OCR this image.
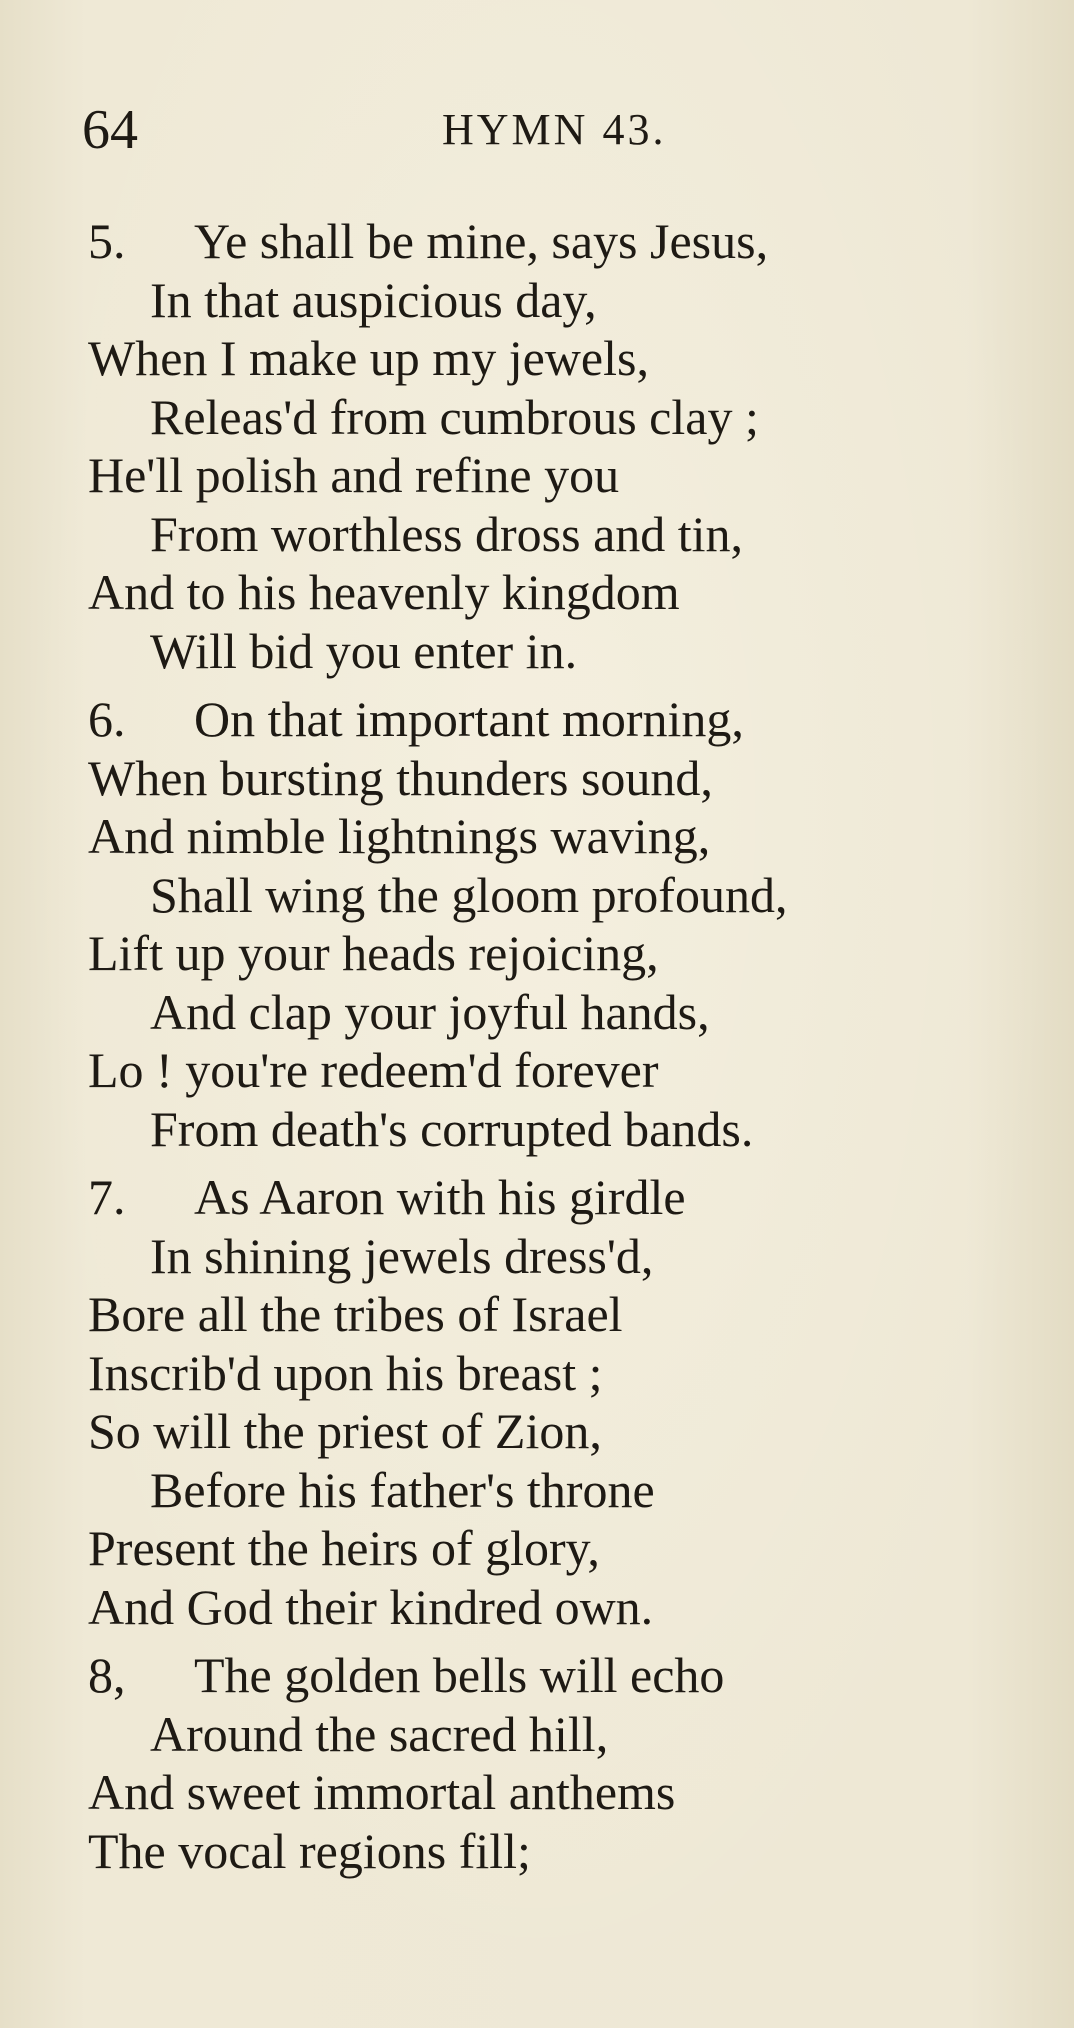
64	HYMN 43.
5. Ye shall be mine, says Jesus,
In that auspicious day,
When I make up my jewels,
Releas'd from cumbrous clay ;
He'll polish and refine you
From worthless dross and tin,
And to his heavenly kingdom
Will bid you enter in.
6. On that important morning,
When bursting thunders sound,
And nimble lightnings waving,
Shall wing the gloom profound,
Lift up your heads rejoicing,
And clap your joyful hands,
Lo ! you're redeem'd forever
From death's corrupted bands.
7. As Aaron with his girdle
In shining jewels dress'd,
Bore all the tribes of Israel
Inscrib'd upon his breast ;
So will the priest of Zion,
Before his father's throne
Present the heirs of glory,
And God their kindred own.
8, The golden bells will echo
Around the sacred hill,
And sweet immortal anthems
The vocal regions fill;
